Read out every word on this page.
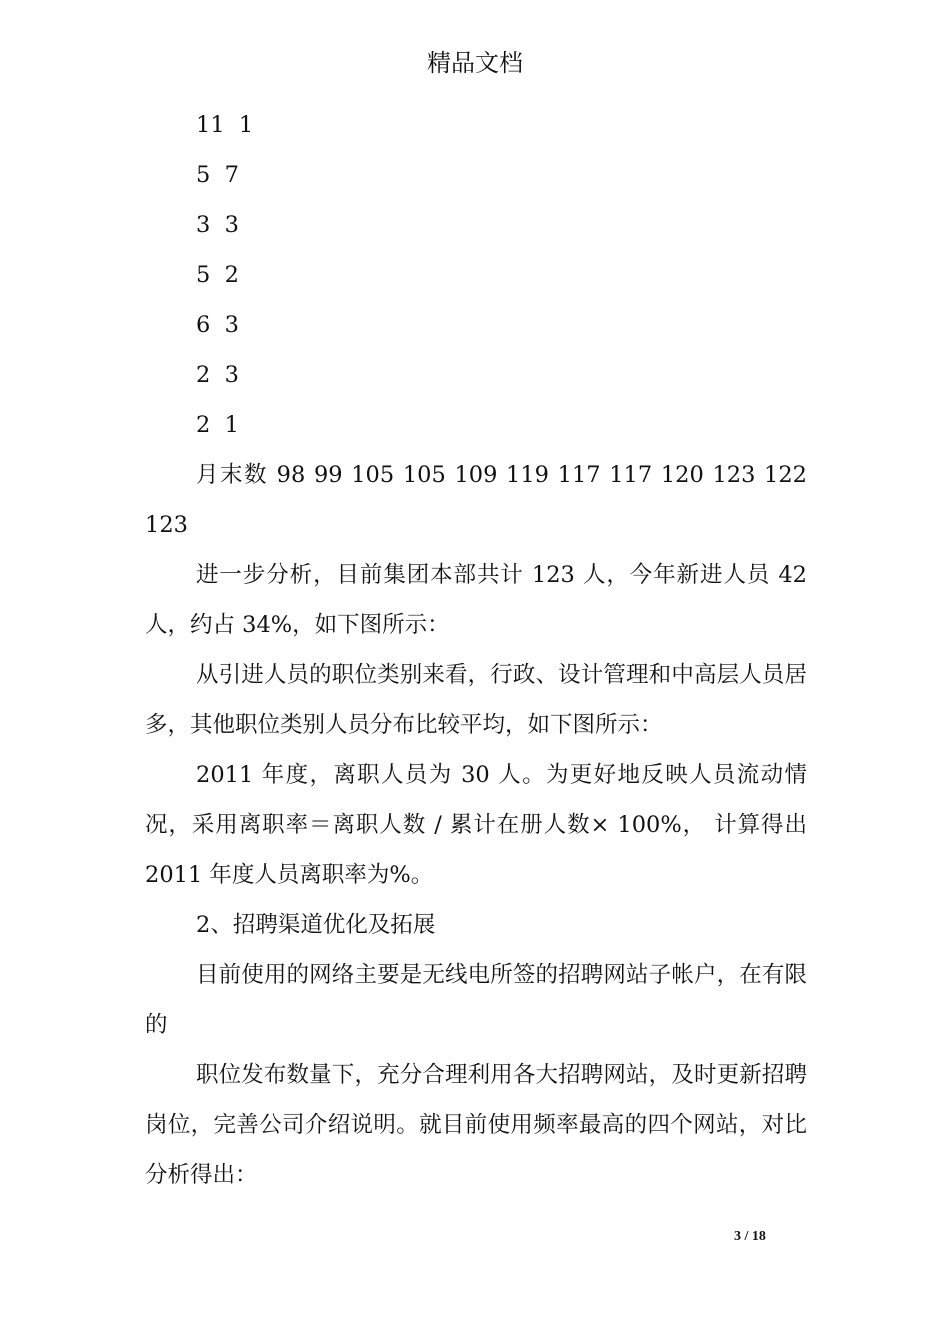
精品文档
11  1
5  7
3  3
5  2
6  3
2  3
2  1
月末数 98 99 105 105 109 119 117 117 120 123 122 123
进一步分析，目前集团本部共计 123 人，今年新进人员 42 人，约占 34%，如下图所示：
从引进人员的职位类别来看，行政、设计管理和中高层人员居多，其他职位类别人员分布比较平均，如下图所示：
2011 年度，离职人员为 30 人。为更好地反映人员流动情况，采用离职率＝离职人数 / 累计在册人数× 100%， 计算得出 2011 年度人员离职率为%。
2、招聘渠道优化及拓展
目前使用的网络主要是无线电所签的招聘网站子帐户，在有限的
职位发布数量下，充分合理利用各大招聘网站，及时更新招聘岗位，完善公司介绍说明。就目前使用频率最高的四个网站，对比分析得出：
3 / 18
